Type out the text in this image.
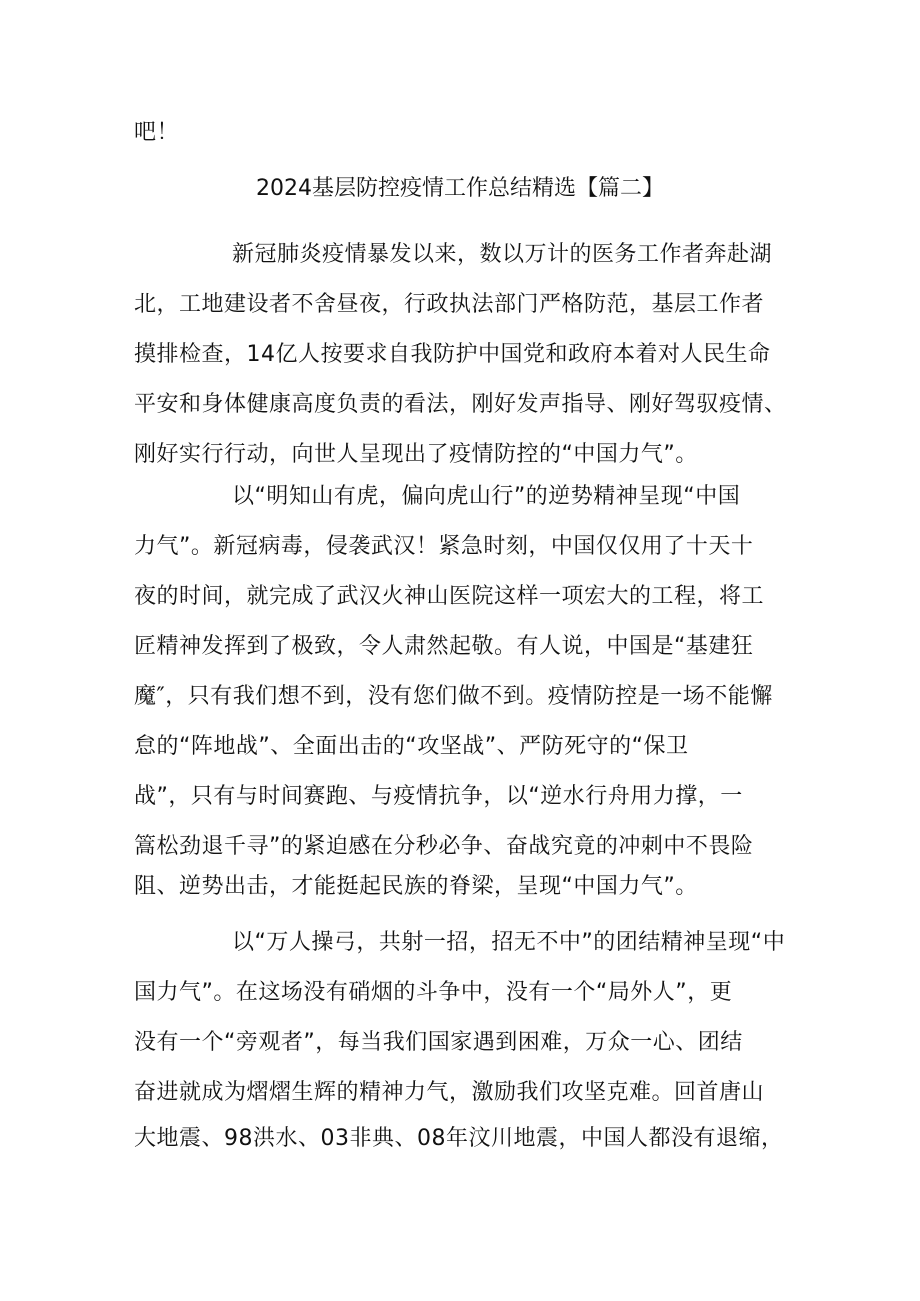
吧！
2024基层防控疫情工作总结精选【篇二】
新冠肺炎疫情暴发以来，数以万计的医务工作者奔赴湖
北，工地建设者不舍昼夜，行政执法部门严格防范，基层工作者
摸排检查，14亿人按要求自我防护中国党和政府本着对人民生命
平安和身体健康高度负责的看法，刚好发声指导、刚好驾驭疫情、
刚好实行行动，向世人呈现出了疫情防控的“中国力气”。
以“明知山有虎，偏向虎山行”的逆势精神呈现“中国
力气”。新冠病毒，侵袭武汉！紧急时刻，中国仅仅用了十天十
夜的时间，就完成了武汉火神山医院这样一项宏大的工程，将工
匠精神发挥到了极致，令人肃然起敬。有人说，中国是“基建狂
魔″，只有我们想不到，没有您们做不到。疫情防控是一场不能懈
怠的“阵地战”、全面出击的“攻坚战”、严防死守的“保卫
战”，只有与时间赛跑、与疫情抗争，以“逆水行舟用力撑，一
篙松劲退千寻”的紧迫感在分秒必争、奋战究竟的冲刺中不畏险
阻、逆势出击，才能挺起民族的脊梁，呈现“中国力气”。
以“万人操弓，共射一招，招无不中”的团结精神呈现“中
国力气”。在这场没有硝烟的斗争中，没有一个“局外人”，更
没有一个“旁观者”，每当我们国家遇到困难，万众一心、团结
奋进就成为熠熠生辉的精神力气，激励我们攻坚克难。回首唐山
大地震、98洪水、03非典、08年汶川地震，中国人都没有退缩，
